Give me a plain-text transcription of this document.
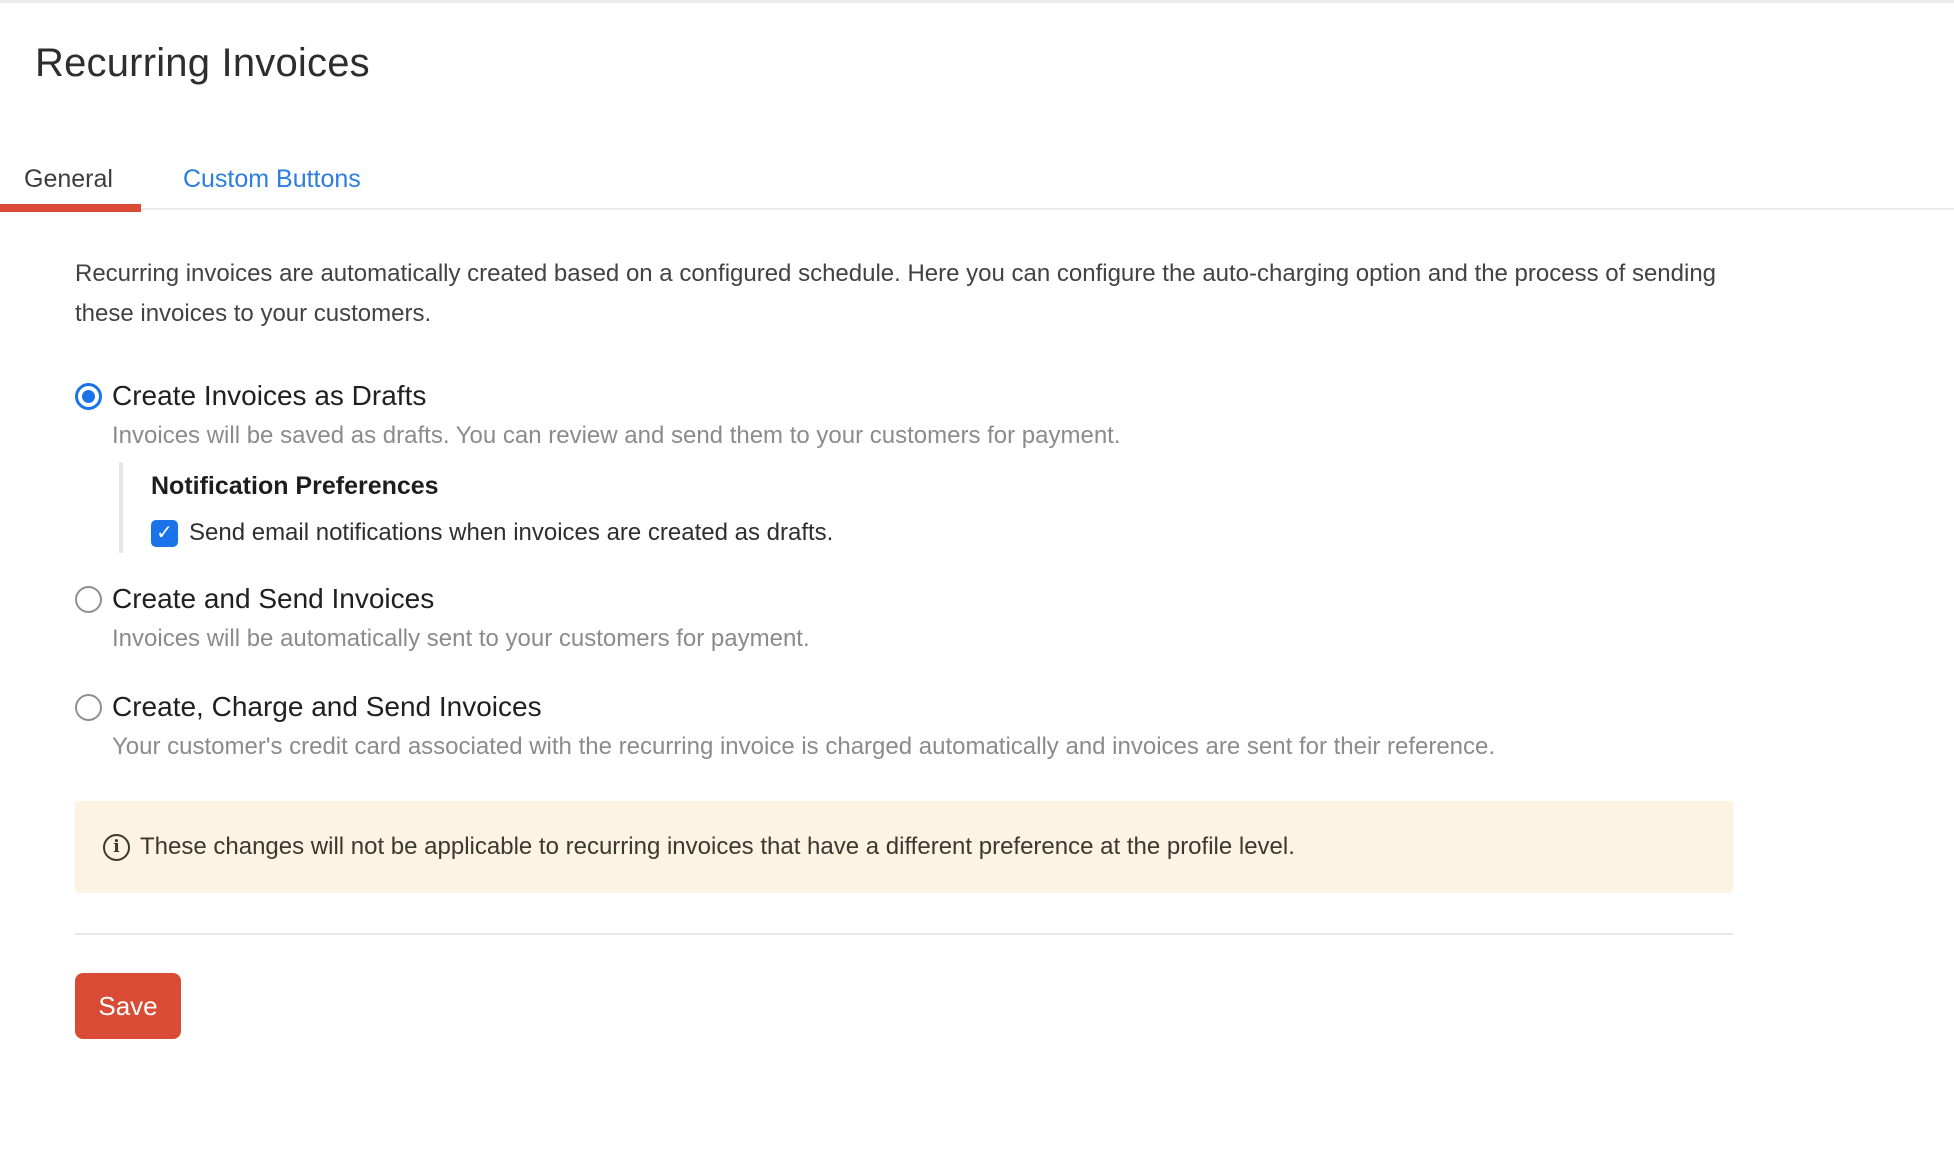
Recurring Invoices
General	Custom Buttons

Recurring invoices are automatically created based on a configured schedule. Here you can configure the auto-charging option and the process of sending these invoices to your customers.

Create Invoices as Drafts

Invoices will be saved as drafts. You can review and send them to your customers for payment.

Notification Preferences
✓ Send email notifications when invoices are created as drafts.
Create and Send Invoices

Invoices will be automatically sent to your customers for payment.

Create, Charge and Send Invoices

Your customer's credit card associated with the recurring invoice is charged automatically and invoices are sent for their reference.

i These changes will not be applicable to recurring invoices that have a different preference at the profile level.
Save
